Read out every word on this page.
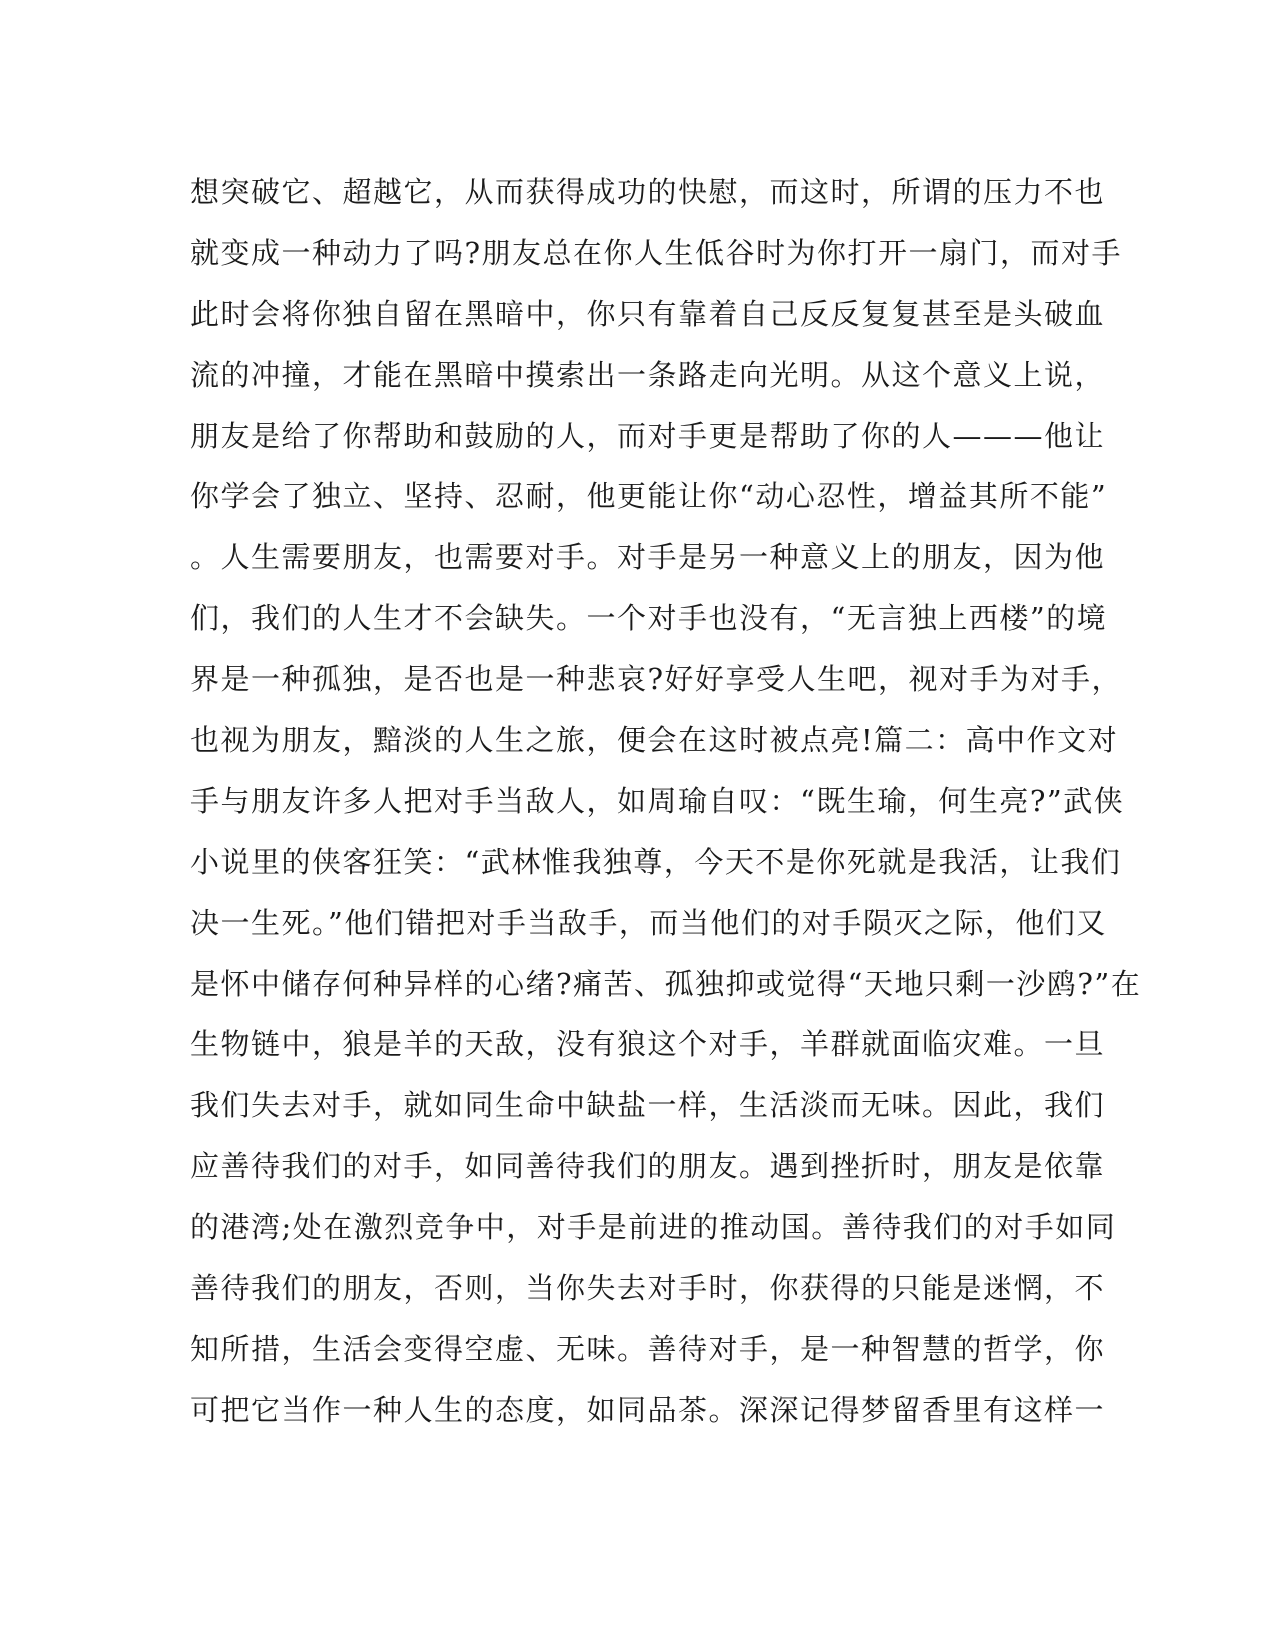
想突破它、超越它，从而获得成功的快慰，而这时，所谓的压力不也
就变成一种动力了吗?朋友总在你人生低谷时为你打开一扇门，而对手
此时会将你独自留在黑暗中，你只有靠着自己反反复复甚至是头破血
流的冲撞，才能在黑暗中摸索出一条路走向光明。从这个意义上说，
朋友是给了你帮助和鼓励的人，而对手更是帮助了你的人———他让
你学会了独立、坚持、忍耐，他更能让你“动心忍性，增益其所不能”
。人生需要朋友，也需要对手。对手是另一种意义上的朋友，因为他
们，我们的人生才不会缺失。一个对手也没有，“无言独上西楼”的境
界是一种孤独，是否也是一种悲哀?好好享受人生吧，视对手为对手，
也视为朋友，黯淡的人生之旅，便会在这时被点亮!篇二：高中作文对
手与朋友许多人把对手当敌人，如周瑜自叹：“既生瑜，何生亮?”武侠
小说里的侠客狂笑：“武林惟我独尊，今天不是你死就是我活，让我们
决一生死。”他们错把对手当敌手，而当他们的对手陨灭之际，他们又
是怀中储存何种异样的心绪?痛苦、孤独抑或觉得“天地只剩一沙鸥?”在
生物链中，狼是羊的天敌，没有狼这个对手，羊群就面临灾难。一旦
我们失去对手，就如同生命中缺盐一样，生活淡而无味。因此，我们
应善待我们的对手，如同善待我们的朋友。遇到挫折时，朋友是依靠
的港湾;处在激烈竞争中，对手是前进的推动国。善待我们的对手如同
善待我们的朋友，否则，当你失去对手时，你获得的只能是迷惘，不
知所措，生活会变得空虚、无味。善待对手，是一种智慧的哲学，你
可把它当作一种人生的态度，如同品茶。深深记得梦留香里有这样一
